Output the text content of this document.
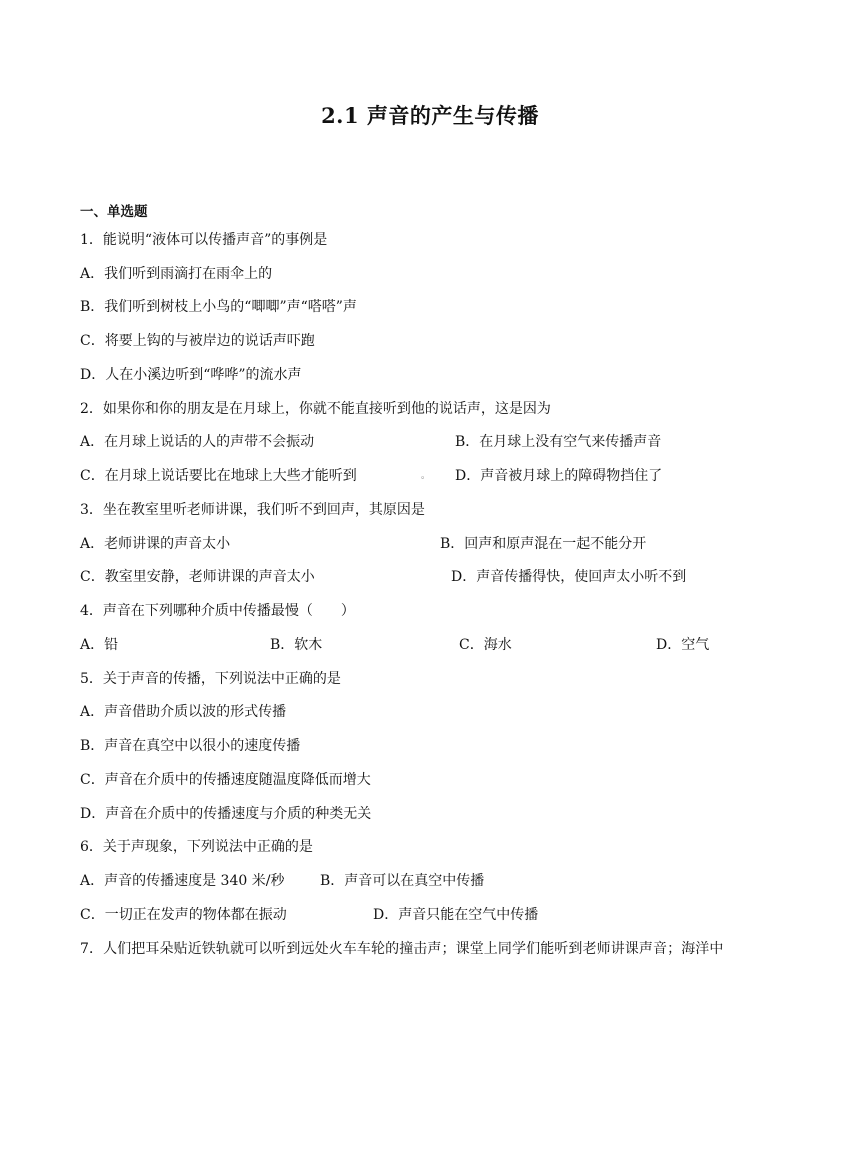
2.1 声音的产生与传播
一、单选题
1．能说明“液体可以传播声音”的事例是
A．我们听到雨滴打在雨伞上的
B．我们听到树枝上小鸟的“唧唧”声“嗒嗒”声
C．将要上钩的与被岸边的说话声吓跑
D．人在小溪边听到“哗哗”的流水声
2．如果你和你的朋友是在月球上，你就不能直接听到他的说话声，这是因为
A．在月球上说话的人的声带不会振动	B．在月球上没有空气来传播声音
C．在月球上说话要比在地球上大些才能听到	。 D．声音被月球上的障碍物挡住了
3．坐在教室里听老师讲课，我们听不到回声，其原因是
A．老师讲课的声音太小	B．回声和原声混在一起不能分开
C．教室里安静，老师讲课的声音太小	D．声音传播得快，使回声太小听不到
4．声音在下列哪种介质中传播最慢（　　）
A．铅	B．软木	C．海水	D．空气
5．关于声音的传播，下列说法中正确的是
A．声音借助介质以波的形式传播
B．声音在真空中以很小的速度传播
C．声音在介质中的传播速度随温度降低而增大
D．声音在介质中的传播速度与介质的种类无关
6．关于声现象，下列说法中正确的是
A．声音的传播速度是 340 米/秒	B．声音可以在真空中传播
C．一切正在发声的物体都在振动	D．声音只能在空气中传播
7．人们把耳朵贴近铁轨就可以听到远处火车车轮的撞击声；课堂上同学们能听到老师讲课声音；海洋中
